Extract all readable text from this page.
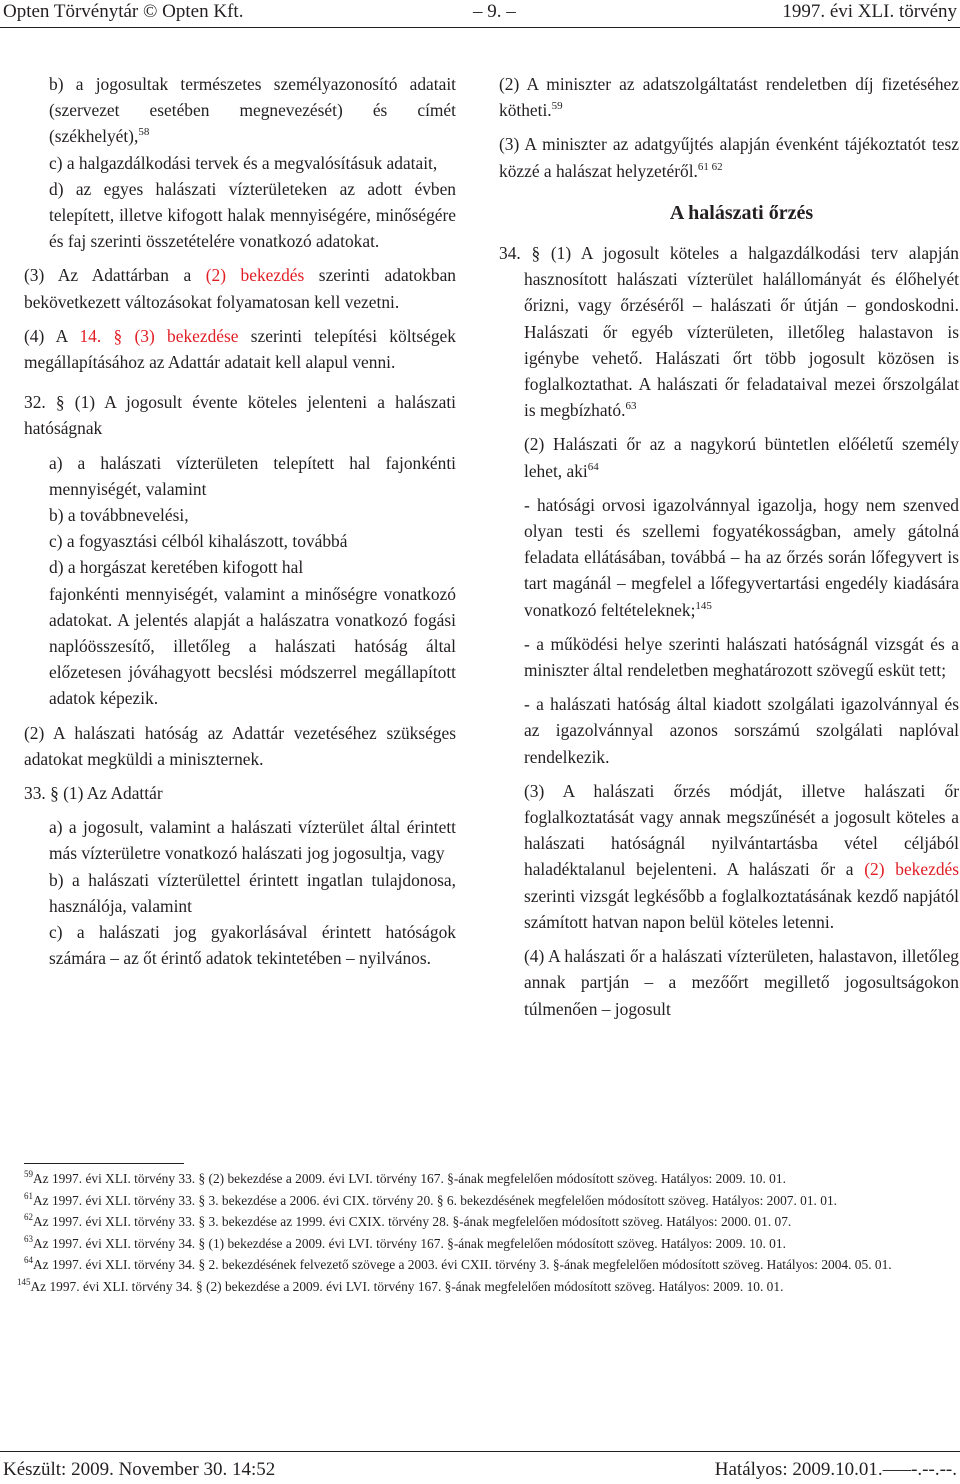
Opten Törvénytár © Opten Kft.	– 9. –	1997. évi XLI. törvény

b) a jogosultak természetes személyazonosító adatait (szervezet esetében megnevezését) és címét (székhelyét),$^{58}$

c) a halgazdálkodási tervek és a megvalósításuk adatait,

d) az egyes halászati vízterületeken az adott évben telepített, illetve kifogott halak mennyiségére, minőségére és faj szerinti összetételére vonatkozó adatokat.

(3) Az Adattárban a (2) bekezdés szerinti adatokban bekövetkezett változásokat folyamatosan kell vezetni.

(4) A 14. § (3) bekezdése szerinti telepítési költségek megállapításához az Adattár adatait kell alapul venni.

32. § (1) A jogosult évente köteles jelenteni a halászati hatóságnak

a) a halászati vízterületen telepített hal fajonkénti mennyiségét, valamint

b) a továbbnevelési,

c) a fogyasztási célból kihalászott, továbbá

d) a horgászat keretében kifogott hal

fajonkénti mennyiségét, valamint a minőségre vonatkozó adatokat. A jelentés alapját a halászatra vonatkozó fogási naplóösszesítő, illetőleg a halászati hatóság által előzetesen jóváhagyott becslési módszerrel megállapított adatok képezik.

(2) A halászati hatóság az Adattár vezetéséhez szükséges adatokat megküldi a miniszternek.

33. § (1) Az Adattár

a) a jogosult, valamint a halászati vízterület által érintett más vízterületre vonatkozó halászati jog jogosultja, vagy

b) a halászati vízterülettel érintett ingatlan tulajdonosa, használója, valamint

c) a halászati jog gyakorlásával érintett hatóságok számára – az őt érintő adatok tekintetében – nyilvános.

(2) A miniszter az adatszolgáltatást rendeletben díj fizetéséhez kötheti.$^{59}$

(3) A miniszter az adatgyűjtés alapján évenként tájékoztatót tesz közzé a halászat helyzetéről.$^{61 62}$

A halászati őrzés

34. § (1) A jogosult köteles a halgazdálkodási terv alapján hasznosított halászati vízterület halállományát és élőhelyét őrizni, vagy őrzéséről – halászati őr útján – gondoskodni. Halászati őr egyéb vízterületen, illetőleg halastavon is igénybe vehető. Halászati őrt több jogosult közösen is foglalkoztathat. A halászati őr feladataival mezei őrszolgálat is megbízható.$^{63}$

(2) Halászati őr az a nagykorú büntetlen előéletű személy lehet, aki$^{64}$

- hatósági orvosi igazolvánnyal igazolja, hogy nem szenved olyan testi és szellemi fogyatékosságban, amely gátolná feladata ellátásában, továbbá – ha az őrzés során lőfegyvert is tart magánál – megfelel a lőfegyvertartási engedély kiadására vonatkozó feltételeknek;$^{145}$

- a működési helye szerinti halászati hatóságnál vizsgát és a miniszter által rendeletben meghatározott szövegű esküt tett;

- a halászati hatóság által kiadott szolgálati igazolvánnyal és az igazolvánnyal azonos sorszámú szolgálati naplóval rendelkezik.

(3) A halászati őrzés módját, illetve halászati őr foglalkoztatását vagy annak megszűnését a jogosult köteles a halászati hatóságnál nyilvántartásba vétel céljából haladéktalanul bejelenteni. A halászati őr a (2) bekezdés szerinti vizsgát legkésőbb a foglalkoztatásának kezdő napjától számított hatvan napon belül köteles letenni.

(4) A halászati őr a halászati vízterületen, halastavon, illetőleg annak partján – a mezőőrt megillető jogosultságokon túlmenően – jogosult

$^{59}$Az 1997. évi XLI. törvény 33. § (2) bekezdése a 2009. évi LVI. törvény 167. §-ának megfelelően módosított szöveg. Hatályos: 2009. 10. 01.

$^{61}$Az 1997. évi XLI. törvény 33. § 3. bekezdése a 2006. évi CIX. törvény 20. § 6. bekezdésének megfelelően módosított szöveg. Hatályos: 2007. 01. 01.

$^{62}$Az 1997. évi XLI. törvény 33. § 3. bekezdése az 1999. évi CXIX. törvény 28. §-ának megfelelően módosított szöveg. Hatályos: 2000. 01. 07.

$^{63}$Az 1997. évi XLI. törvény 34. § (1) bekezdése a 2009. évi LVI. törvény 167. §-ának megfelelően módosított szöveg. Hatályos: 2009. 10. 01.

$^{64}$Az 1997. évi XLI. törvény 34. § 2. bekezdésének felvezető szövege a 2003. évi CXII. törvény 3. §-ának megfelelően módosított szöveg. Hatályos: 2004. 05. 01.

$^{145}$Az 1997. évi XLI. törvény 34. § (2) bekezdése a 2009. évi LVI. törvény 167. §-ának megfelelően módosított szöveg. Hatályos: 2009. 10. 01.

Készült: 2009. November 30. 14:52	Hatályos: 2009.10.01.–––-.--.--.
